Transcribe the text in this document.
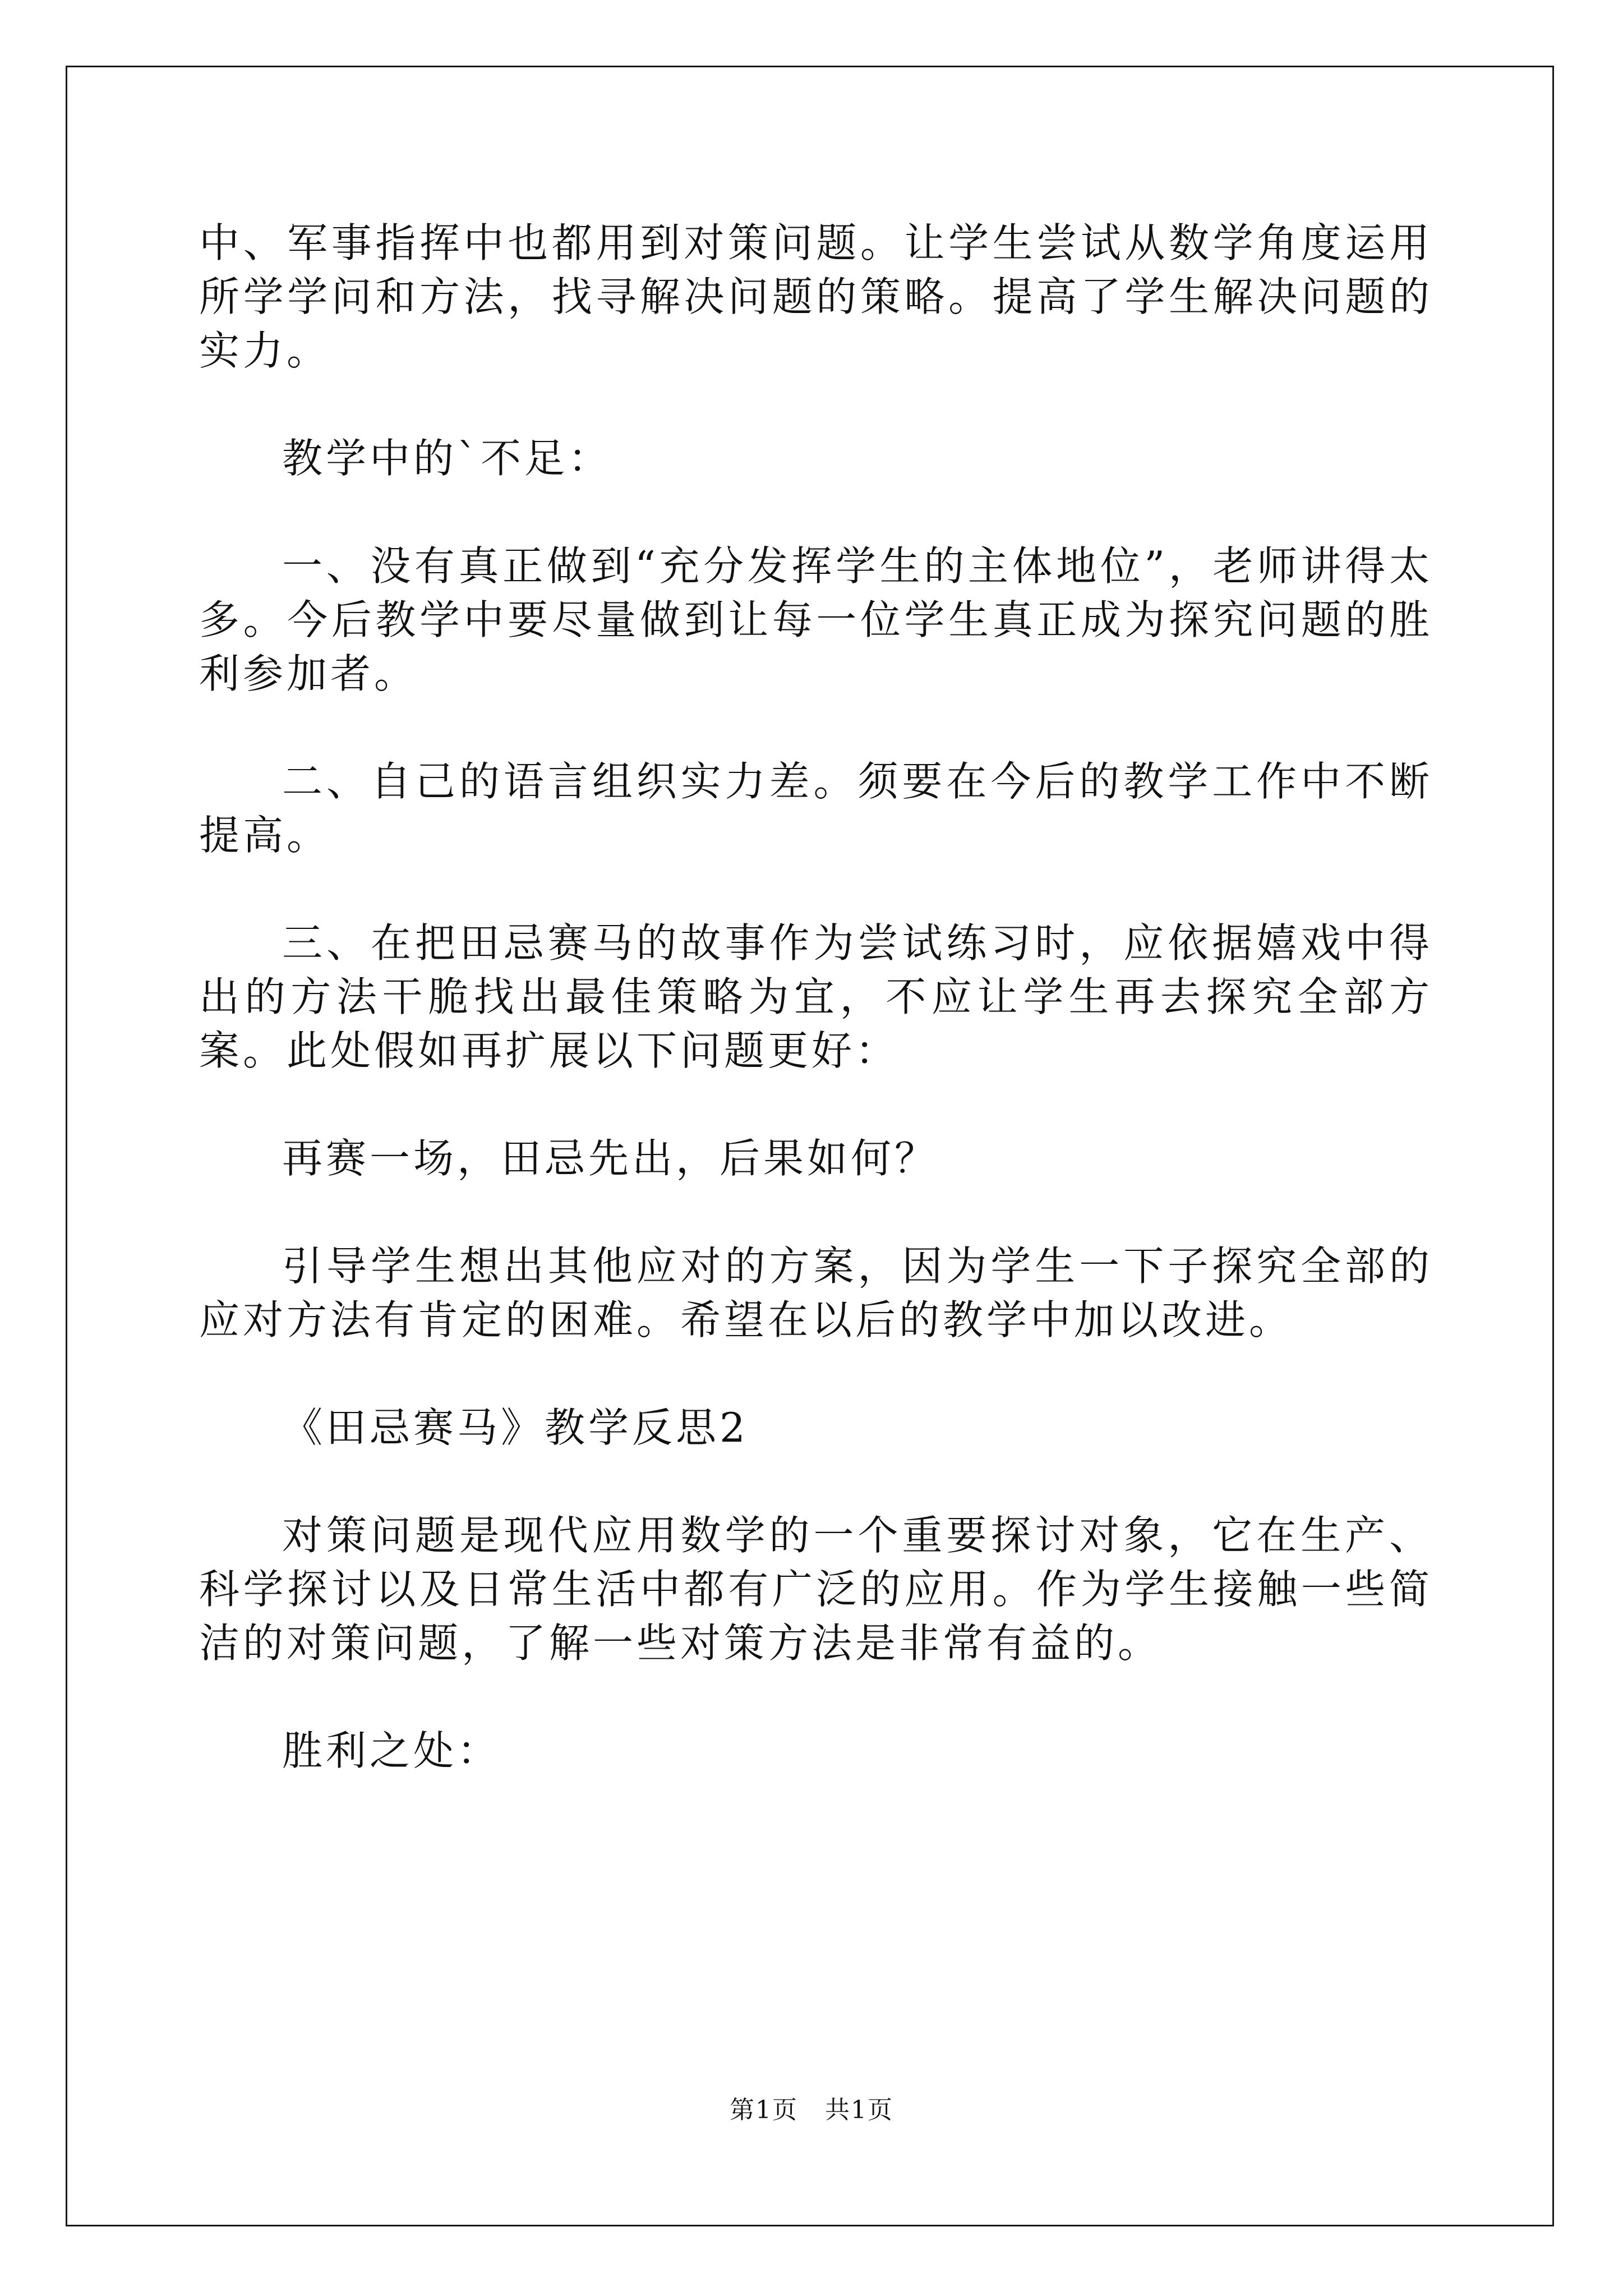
中、军事指挥中也都用到对策问题。让学生尝试从数学角度运用所学学问和方法，找寻解决问题的策略。提高了学生解决问题的实力。

教学中的`不足：

一、没有真正做到“充分发挥学生的主体地位”，老师讲得太多。今后教学中要尽量做到让每一位学生真正成为探究问题的胜利参加者。

二、自己的语言组织实力差。须要在今后的教学工作中不断提高。

三、在把田忌赛马的故事作为尝试练习时，应依据嬉戏中得出的方法干脆找出最佳策略为宜，不应让学生再去探究全部方案。此处假如再扩展以下问题更好：

再赛一场，田忌先出，后果如何？

引导学生想出其他应对的方案，因为学生一下子探究全部的应对方法有肯定的困难。希望在以后的教学中加以改进。

《田忌赛马》教学反思2

对策问题是现代应用数学的一个重要探讨对象，它在生产、科学探讨以及日常生活中都有广泛的应用。作为学生接触一些简洁的对策问题，了解一些对策方法是非常有益的。

胜利之处：

第1页 共1页
